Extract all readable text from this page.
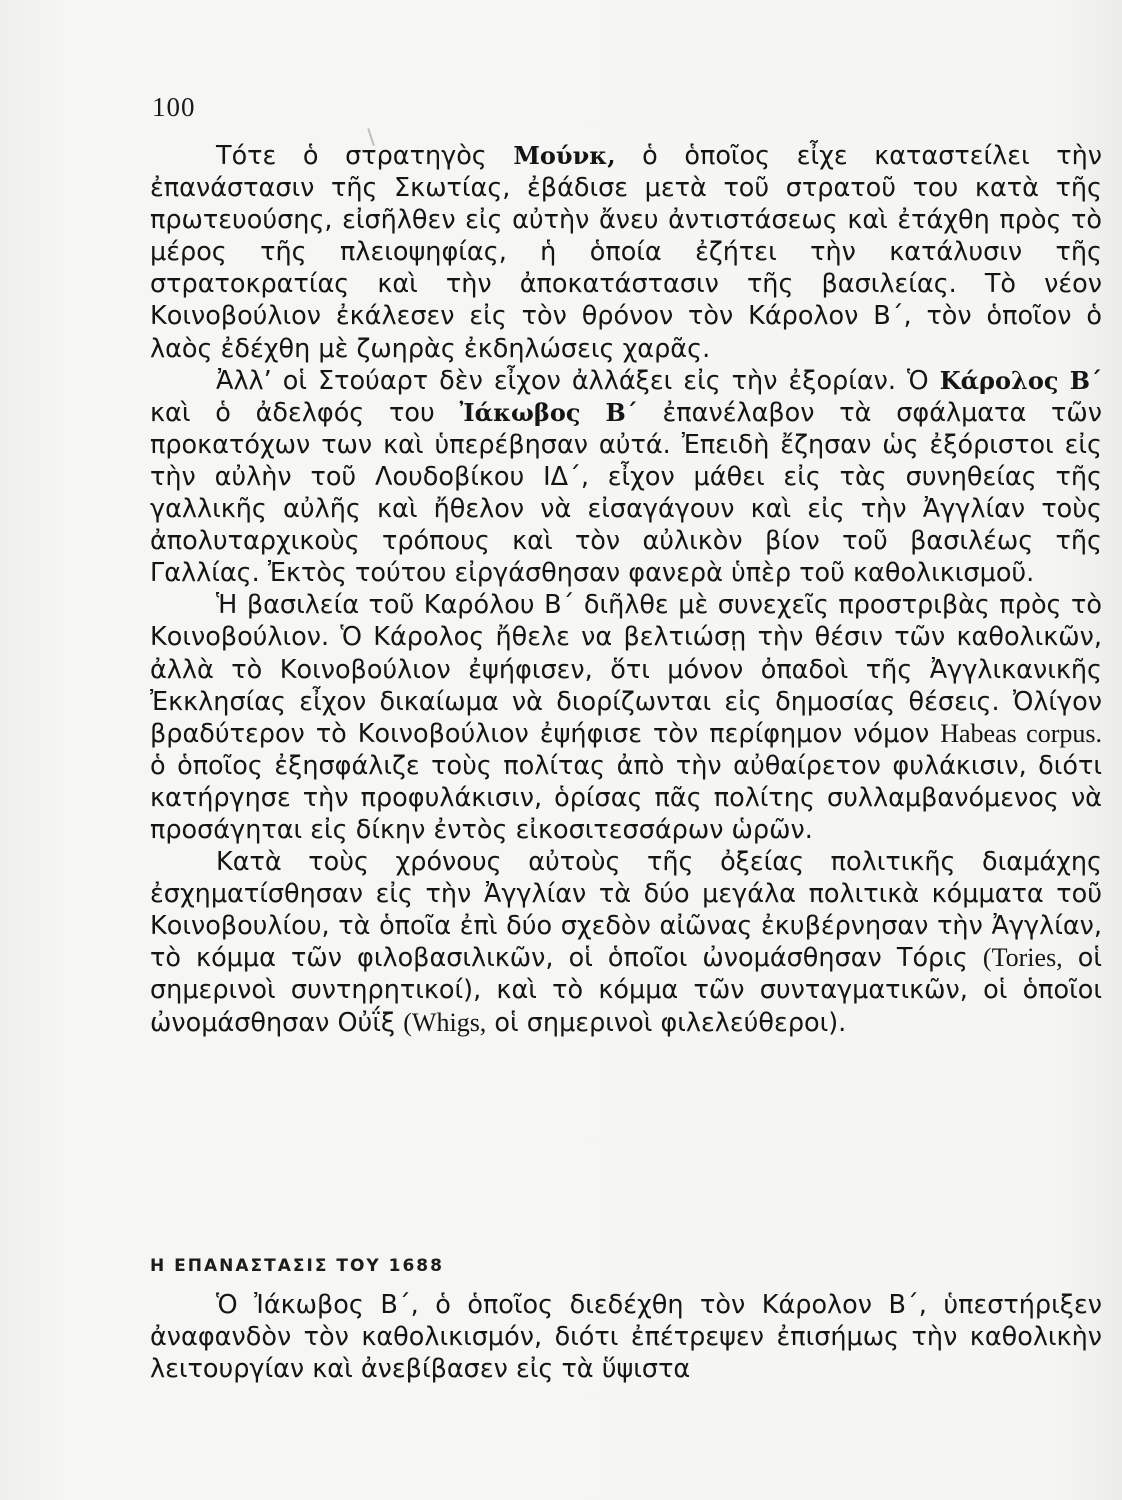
100

Τότε ὁ στρατηγὸς Μούνκ, ὁ ὁποῖος εἶχε καταστείλει τὴν ἐπανάστασιν τῆς Σκωτίας, ἐβάδισε μετὰ τοῦ στρατοῦ του κατὰ τῆς πρωτευούσης, εἰσῆλθεν εἰς αὐτὴν ἄνευ ἀντιστάσεως καὶ ἐτάχθη πρὸς τὸ μέρος τῆς πλειοψηφίας, ἡ ὁποία ἐζήτει τὴν κατάλυσιν τῆς στρατοκρατίας καὶ τὴν ἀποκατάστασιν τῆς βασιλείας. Τὸ νέον Κοινοβούλιον ἐκάλεσεν εἰς τὸν θρόνον τὸν Κάρολον Β΄, τὸν ὁποῖον ὁ λαὸς ἐδέχθη μὲ ζωηρὰς ἐκδηλώσεις χαρᾶς.

Ἀλλ’ οἱ Στούαρτ δὲν εἶχον ἀλλάξει εἰς τὴν ἐξορίαν. Ὁ Κάρολος Β΄ καὶ ὁ ἀδελφός του Ἰάκωβος Β΄ ἐπανέλαβον τὰ σφάλματα τῶν προκατόχων των καὶ ὑπερέβησαν αὐτά. Ἐπειδὴ ἔζησαν ὡς ἐξόριστοι εἰς τὴν αὐλὴν τοῦ Λουδοβίκου ΙΔ΄, εἶχον μάθει εἰς τὰς συνηθείας τῆς γαλλικῆς αὐλῆς καὶ ἤθελον νὰ εἰσαγάγουν καὶ εἰς τὴν Ἀγγλίαν τοὺς ἀπολυταρχικοὺς τρόπους καὶ τὸν αὐλικὸν βίον τοῦ βασιλέως τῆς Γαλλίας. Ἐκτὸς τούτου εἰργάσθησαν φανερὰ ὑπὲρ τοῦ καθολικισμοῦ.

Ἡ βασιλεία τοῦ Καρόλου Β΄ διῆλθε μὲ συνεχεῖς προστριβὰς πρὸς τὸ Κοινοβούλιον. Ὁ Κάρολος ἤθελε να βελτιώσῃ τὴν θέσιν τῶν καθολικῶν, ἀλλὰ τὸ Κοινοβούλιον ἐψήφισεν, ὅτι μόνον ὀπαδοὶ τῆς Ἀγγλικανικῆς Ἐκκλησίας εἶχον δικαίωμα νὰ διορίζωνται εἰς δημοσίας θέσεις. Ὀλίγον βραδύτερον τὸ Κοινοβούλιον ἐψήφισε τὸν περίφημον νόμον Habeas corpus. ὁ ὁποῖος ἐξησφάλιζε τοὺς πολίτας ἀπὸ τὴν αὐθαίρετον φυλάκισιν, διότι κατήργησε τὴν προφυλάκισιν, ὁρίσας πᾶς πολίτης συλλαμβανόμενος νὰ προσάγηται εἰς δίκην ἐντὸς εἰκοσιτεσσάρων ὡρῶν.

Κατὰ τοὺς χρόνους αὐτοὺς τῆς ὀξείας πολιτικῆς διαμάχης ἐσχηματίσθησαν εἰς τὴν Ἀγγλίαν τὰ δύο μεγάλα πολιτικὰ κόμματα τοῦ Κοινοβουλίου, τὰ ὁποῖα ἐπὶ δύο σχεδὸν αἰῶνας ἐκυβέρνησαν τὴν Ἀγγλίαν, τὸ κόμμα τῶν φιλοβασιλικῶν, οἱ ὁποῖοι ὠνομάσθησαν Τόρις (Tories, οἱ σημερινοὶ συντηρητικοί), καὶ τὸ κόμμα τῶν συνταγματικῶν, οἱ ὁποῖοι ὠνομάσθησαν Οὐΐξ (Whigs, οἱ σημερινοὶ φιλελεύθεροι).

Η ΕΠΑΝΑΣΤΑΣΙΣ ΤΟΥ 1688

Ὁ Ἰάκωβος Β΄, ὁ ὁποῖος διεδέχθη τὸν Κάρολον Β΄, ὑπεστήριξεν ἀναφανδὸν τὸν καθολικισμόν, διότι ἐπέτρεψεν ἐπισήμως τὴν καθολικὴν λειτουργίαν καὶ ἀνεβίβασεν εἰς τὰ ὕψιστα
